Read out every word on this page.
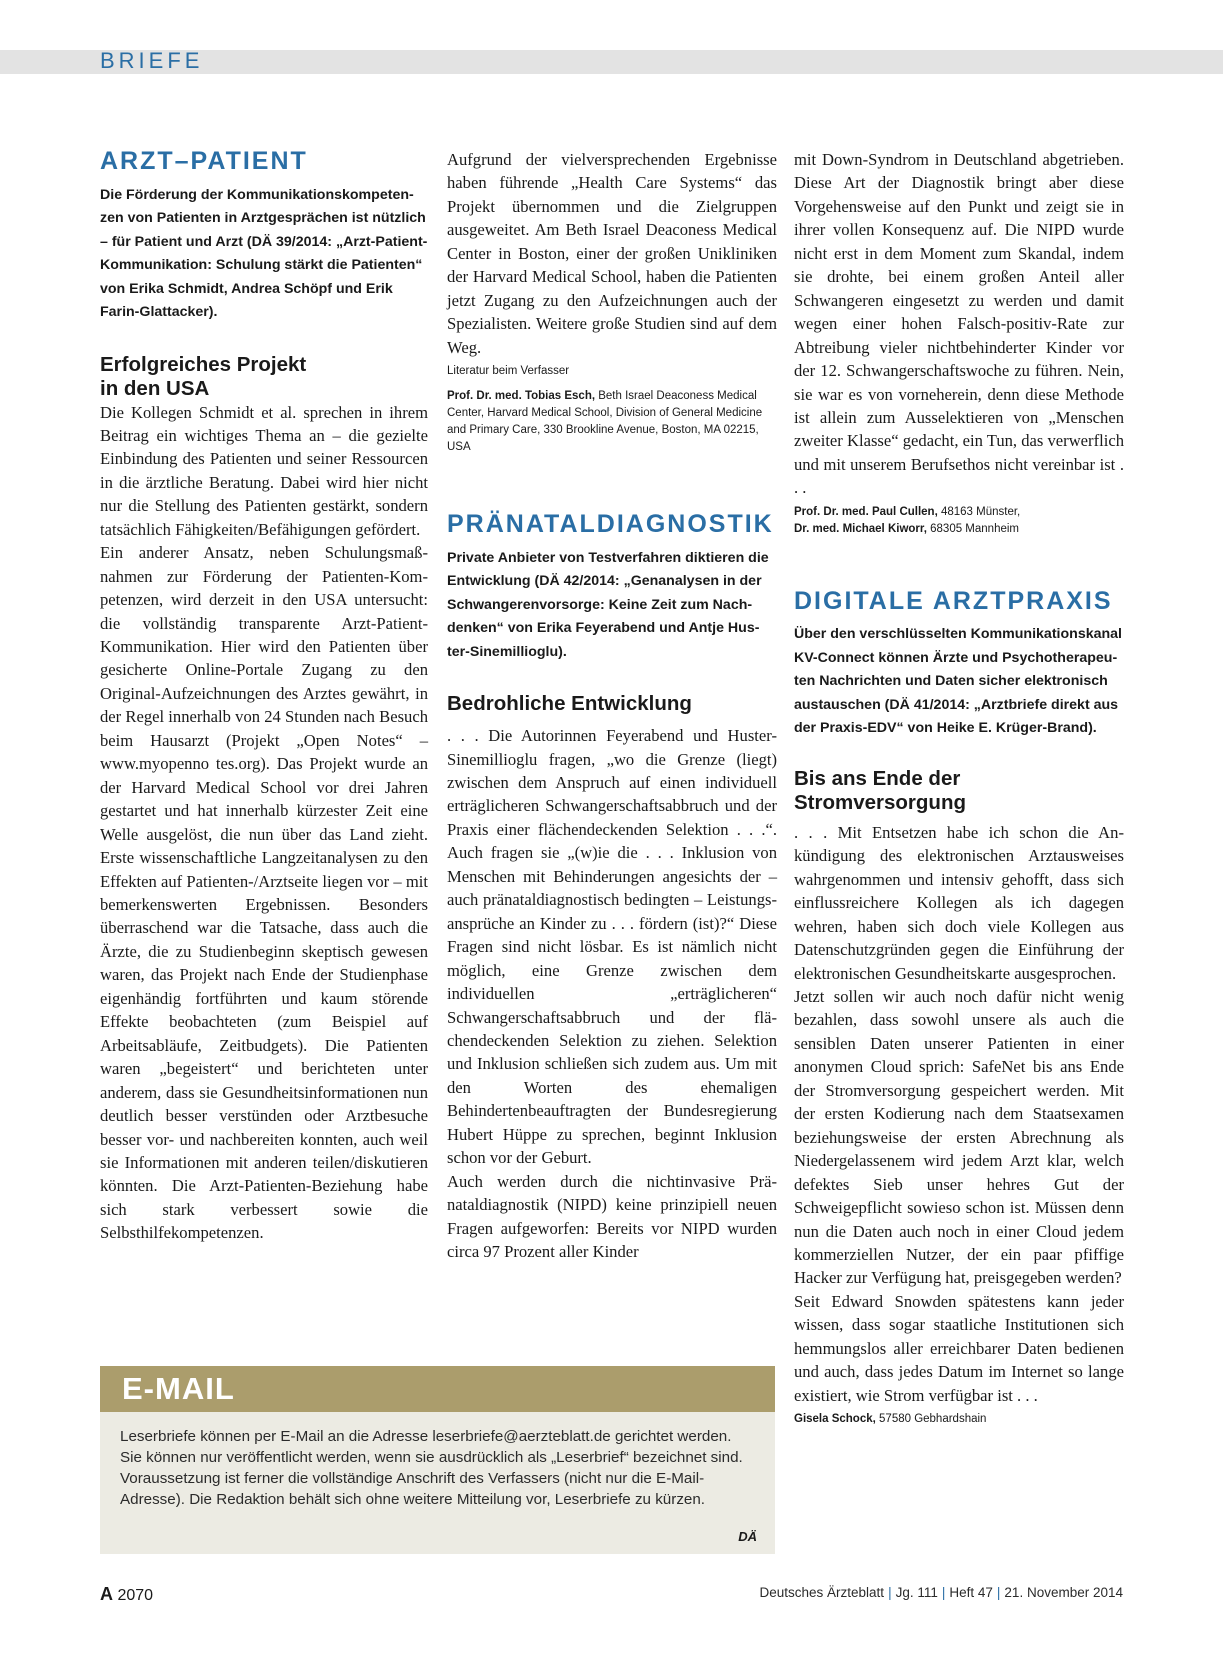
BRIEFE
ARZT–PATIENT

Die Förderung der Kommunikationskompetenzen von Patienten in Arztgesprächen ist nützlich – für Patient und Arzt (DÄ 39/2014: „Arzt-Patient-Kommunikation: Schulung stärkt die Patienten“ von Erika Schmidt, Andrea Schöpf und Erik Farin-Glattacker).

Erfolgreiches Projekt in den USA

Die Kollegen Schmidt et al. sprechen in ihrem Beitrag ein wichtiges Thema an – die gezielte Einbindung des Patienten und seiner Ressourcen in die ärztliche Beratung. Dabei wird hier nicht nur die Stellung des Patienten gestärkt, sondern tatsächlich Fähigkeiten/Befähigungen gefördert.

Ein anderer Ansatz, neben Schulungsmaßnahmen zur Förderung der Patienten-Kompetenzen, wird derzeit in den USA untersucht: die vollständig transparente Arzt-Patient-Kommunikation. Hier wird den Patienten über gesicherte Online-Portale Zugang zu den Original-Aufzeichnungen des Arztes gewährt, in der Regel innerhalb von 24 Stunden nach Besuch beim Hausarzt (Projekt „Open Notes“ – www.myopenno tes.org). Das Projekt wurde an der Harvard Medical School vor drei Jahren gestartet und hat innerhalb kürzester Zeit eine Welle ausgelöst, die nun über das Land zieht. Erste wissenschaftliche Langzeitanalysen zu den Effekten auf Patienten-/Arztseite liegen vor – mit bemerkenswerten Ergebnissen. Besonders überraschend war die Tatsache, dass auch die Ärzte, die zu Studienbeginn skeptisch gewesen waren, das Projekt nach Ende der Studienphase eigenhändig fortführten und kaum störende Effekte beobachteten (zum Beispiel auf Arbeitsabläufe, Zeitbudgets). Die Patienten waren „begeistert“ und berichteten unter anderem, dass sie Gesundheitsinformationen nun deutlich besser verstünden oder Arztbesuche besser vor- und nachbereiten konnten, auch weil sie Informationen mit anderen teilen/diskutieren könnten. Die Arzt-Patienten-Beziehung habe sich stark verbessert sowie die Selbsthilfekompetenzen.

Aufgrund der vielversprechenden Ergebnisse haben führende „Health Care Systems“ das Projekt übernommen und die Zielgruppen ausgeweitet. Am Beth Israel Deaconess Medical Center in Boston, einer der großen Unikliniken der Harvard Medical School, haben die Patienten jetzt Zugang zu den Aufzeichnungen auch der Spezialisten. Weitere große Studien sind auf dem Weg.

Literatur beim Verfasser

Prof. Dr. med. Tobias Esch, Beth Israel Deaconess Medical Center, Harvard Medical School, Division of General Medicine and Primary Care, 330 Brookline Avenue, Boston, MA 02215, USA

PRÄNATALDIAGNOSTIK

Private Anbieter von Testverfahren diktieren die Entwicklung (DÄ 42/2014: „Genanalysen in der Schwangerenvorsorge: Keine Zeit zum Nachdenken“ von Erika Feyerabend und Antje Huster-Sinemillioglu).

Bedrohliche Entwicklung

. . . Die Autorinnen Feyerabend und Huster-Sinemillioglu fragen, „wo die Grenze (liegt) zwischen dem Anspruch auf einen individuell erträglicheren Schwangerschaftsabbruch und der Praxis einer flächendeckenden Selektion . . .“. Auch fragen sie „(w)ie die . . . Inklusion von Menschen mit Behinderungen angesichts der – auch pränataldiagnostisch bedingten – Leistungsansprüche an Kinder zu . . . fördern (ist)?“ Diese Fragen sind nicht lösbar. Es ist nämlich nicht möglich, eine Grenze zwischen dem individuellen „erträglicheren“ Schwangerschaftsabbruch und der flächendeckenden Selektion zu ziehen. Selektion und Inklusion schließen sich zudem aus. Um mit den Worten des ehemaligen Behindertenbeauftragten der Bundesregierung Hubert Hüppe zu sprechen, beginnt Inklusion schon vor der Geburt.

Auch werden durch die nichtinvasive Pränataldiagnostik (NIPD) keine prinzipiell neuen Fragen aufgeworfen: Bereits vor NIPD wurden circa 97 Prozent aller Kinder

mit Down-Syndrom in Deutschland abgetrieben. Diese Art der Diagnostik bringt aber diese Vorgehensweise auf den Punkt und zeigt sie in ihrer vollen Konsequenz auf. Die NIPD wurde nicht erst in dem Moment zum Skandal, indem sie drohte, bei einem großen Anteil aller Schwangeren eingesetzt zu werden und damit wegen einer hohen Falsch-positiv-Rate zur Abtreibung vieler nichtbehinderter Kinder vor der 12. Schwangerschaftswoche zu führen. Nein, sie war es von vorneherein, denn diese Methode ist allein zum Ausselektieren von „Menschen zweiter Klasse“ gedacht, ein Tun, das verwerflich und mit unserem Berufsethos nicht vereinbar ist . . .

Prof. Dr. med. Paul Cullen, 48163 Münster,
Dr. med. Michael Kiworr, 68305 Mannheim

DIGITALE ARZTPRAXIS

Über den verschlüsselten Kommunikationskanal KV-Connect können Ärzte und Psychotherapeuten Nachrichten und Daten sicher elektronisch austauschen (DÄ 41/2014: „Arztbriefe direkt aus der Praxis-EDV“ von Heike E. Krüger-Brand).

Bis ans Ende der Stromversorgung

. . . Mit Entsetzen habe ich schon die Ankündigung des elektronischen Arztausweises wahrgenommen und intensiv gehofft, dass sich einflussreichere Kollegen als ich dagegen wehren, haben sich doch viele Kollegen aus Datenschutzgründen gegen die Einführung der elektronischen Gesundheitskarte ausgesprochen.

Jetzt sollen wir auch noch dafür nicht wenig bezahlen, dass sowohl unsere als auch die sensiblen Daten unserer Patienten in einer anonymen Cloud sprich: SafeNet bis ans Ende der Stromversorgung gespeichert werden. Mit der ersten Kodierung nach dem Staatsexamen beziehungsweise der ersten Abrechnung als Niedergelassenem wird jedem Arzt klar, welch defektes Sieb unser hehres Gut der Schweigepflicht sowieso schon ist. Müssen denn nun die Daten auch noch in einer Cloud jedem kommerziellen Nutzer, der ein paar pfiffige Hacker zur Verfügung hat, preisgegeben werden?

Seit Edward Snowden spätestens kann jeder wissen, dass sogar staatliche Institutionen sich hemmungslos aller erreichbarer Daten bedienen und auch, dass jedes Datum im Internet so lange existiert, wie Strom verfügbar ist . . .

Gisela Schock, 57580 Gebhardshain

E-MAIL

Leserbriefe können per E-Mail an die Adresse leserbriefe@aerzteblatt.de gerichtet werden. Sie können nur veröffentlicht werden, wenn sie ausdrücklich als „Leserbrief“ bezeichnet sind. Voraussetzung ist ferner die vollständige Anschrift des Verfassers (nicht nur die E-Mail-Adresse). Die Redaktion behält sich ohne weitere Mitteilung vor, Leserbriefe zu kürzen.

DÄ
A 2070	Deutsches Ärzteblatt | Jg. 111 | Heft 47 | 21. November 2014
